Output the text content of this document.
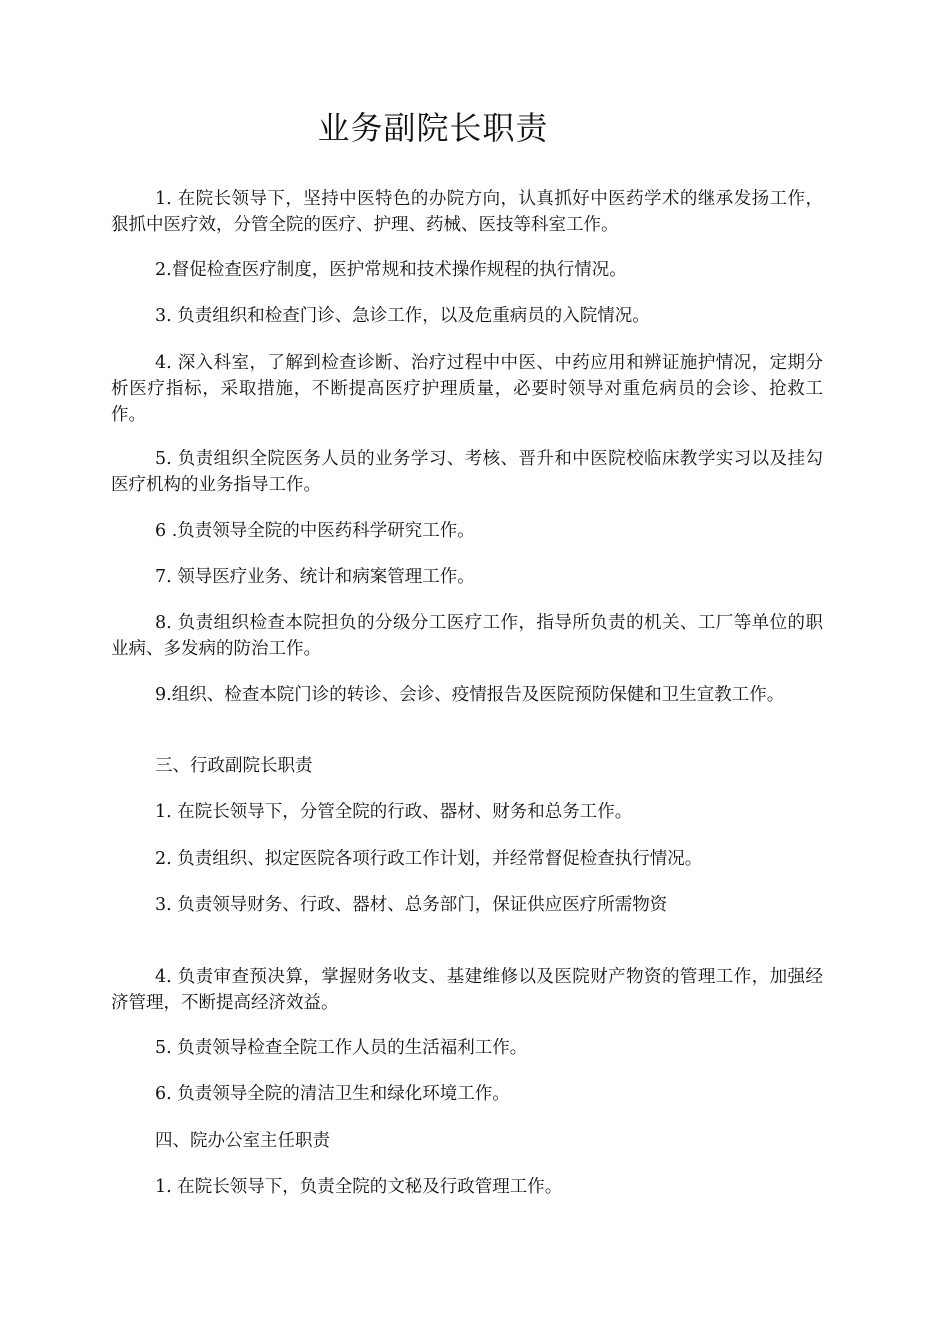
业务副院长职责

1. 在院长领导下，坚持中医特色的办院方向，认真抓好中医药学术的继承发扬工作，狠抓中医疗效，分管全院的医疗、护理、药械、医技等科室工作。

2.督促检查医疗制度，医护常规和技术操作规程的执行情况。

3. 负责组织和检查门诊、急诊工作，以及危重病员的入院情况。

4. 深入科室，了解到检查诊断、治疗过程中中医、中药应用和辨证施护情况，定期分析医疗指标，采取措施，不断提高医疗护理质量，必要时领导对重危病员的会诊、抢救工作。

5. 负责组织全院医务人员的业务学习、考核、晋升和中医院校临床教学实习以及挂勾医疗机构的业务指导工作。

6 .负责领导全院的中医药科学研究工作。

7. 领导医疗业务、统计和病案管理工作。

8. 负责组织检查本院担负的分级分工医疗工作，指导所负责的机关、工厂等单位的职业病、多发病的防治工作。

9.组织、检查本院门诊的转诊、会诊、疫情报告及医院预防保健和卫生宣教工作。

三、行政副院长职责

1. 在院长领导下，分管全院的行政、器材、财务和总务工作。

2. 负责组织、拟定医院各项行政工作计划，并经常督促检查执行情况。

3. 负责领导财务、行政、器材、总务部门，保证供应医疗所需物资

4. 负责审查预决算，掌握财务收支、基建维修以及医院财产物资的管理工作，加强经济管理，不断提高经济效益。

5. 负责领导检查全院工作人员的生活福利工作。

6. 负责领导全院的清洁卫生和绿化环境工作。

四、院办公室主任职责

1. 在院长领导下，负责全院的文秘及行政管理工作。
